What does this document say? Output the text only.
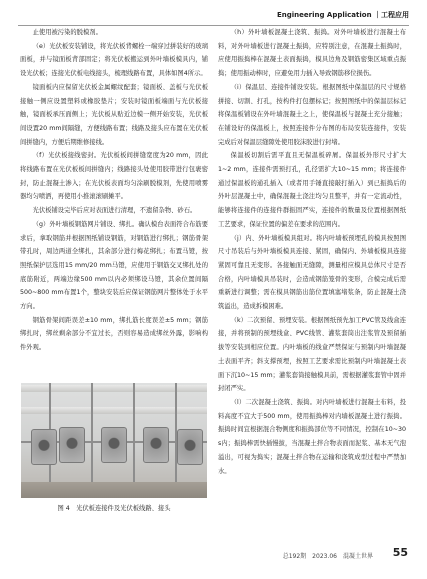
Engineering Application ｜工程应用

止使用被污染的脱模剂。

（e）光伏板安装铺设，将光伏板背螺栓一端穿过拼装好的玻璃面板，并与镜面板背部固定；将光伏板搬运到外叶墙板模具内，铺设光伏板；连接光伏板电线接头，梳理线路布置，具体如图4所示。

镜面板内应保留光伏板金属螺纹配套；镜面板、盖板与光伏板接触一侧应设置塑料或橡胶垫片；安装时镜面板端面与光伏板接触，镜面板承压面侧上；光伏板从贴近边模一侧开始安装，光伏板间设置20 mm间隔缝，方便线路布置；线路及接头应布置在光伏板间拼缝内，方便后期维修接线。

（f）光伏板接线密封。光伏板板间拼缝宽度为20 mm，因此将线路布置在光伏板板间拼缝内；线路接头处使用胶带进行包裹密封，防止混凝土渗入；在光伏板表面均匀涂刷脱模剂，先使用喷雾器均匀喷洒，再使用小推滚滚刷摊平。

光伏板铺设完毕后应对表面进行清理，不遗留杂物、砂石。

（g）外叶墙板钢筋网片铺设、绑扎。确认模台表面符合布筋要求后，拿取钢筋并根据图纸铺设钢筋，对钢筋进行绑扎；钢筋骨架带孔时，周边两道全绑扎，其余部分进行梅花绑扎；布置马镫，按照纸保护层选用15 mm/20 mm马镫，应使用于钢筋交叉绑扎处的底筋附近，两端边缘500 mm以内必须绑设马镫，其余位置间隔500~800 mm布置1个，整块安装后应保证钢筋网片整体处于水平方向。

钢筋骨架间距误差±10 mm，绑扎筋长度误差±5 mm；钢筋绑扎时，绑丝剩余部分不宜过长，否则容易造成绑丝外露，影响构件外观。

图 4　光伏板连接件及光伏板线路、接头

（h）外叶墙板混凝土浇筑、振捣。对外叶墙板进行混凝土布料，对外叶墙板进行混凝土振捣，应特别注意，在混凝土振捣时，应使用振捣棒在混凝土表面振捣，模具边角及钢筋密集区域重点振捣；使用振动棒时，应避免用力插入导致钢筋移位损伤。

（i）保温层、连接件铺设安装。根据图纸中保温层的尺寸规格拼接、切割、打孔，按构件打包摆标记；按照图纸中的保温层标记将保温板铺设在外叶墙混凝土之上，使保温板与混凝土充分接触；在铺设好的保温板上，按照连接件分布图的布局安装连接件，安装完成后对保温层缝隙处使用胶沫胶进行封堵。

保温板切割后需平直且无保温板碎屑。保温板外形尺寸扩大1~2 mm，连接件需预打孔，孔径需扩大10~15 mm；将连接件通过保温板的通孔插入（或者用手锤直接敲打插入）到已振捣后的外叶层混凝土中，确保混凝土浇注均匀且整平，并有一定流动性，能够将连接件的连接件群振固严实，连接件的数量及位置根据图纸工艺要求，保证位置的偏差在要求的范围内。

（j）内、外叶墙板模具组对。将内叶墙板预埋孔的模具按照图尺寸吊装后与外叶墙板模具连接、紧固，确保内、外墙板模具连接紧固可靠且无变形。各接触面无缝隙，测量相应模具总体尺寸是否合格，内叶墙模具吊装时，会造成钢筋笼骨的变形，合模完成后需重新进行调整；需在模具钢筋出筋位置填塞堵浆条，防止混凝土浇筑溢出，造成拆模困难。

（k）二次预留、预埋安装。根据图纸预先加工PVC管及线盒连接，并将预制的预埋线盒、PVC线管、灌浆套筒出注浆管及预留插拔等安装到相应位置。内叶墙板的线盒严禁保证与预制内叶墙混凝土表面平齐；斜支撑预埋，按照工艺要求需比预制内叶墙混凝土表面下沉10~15 mm；灌浆套筒接触模具前，需根据灌浆套管中固并封闭严实。

（l）二次混凝土浇筑、振捣。对内叶墙板进行混凝土布料，投料高度不宜大于500 mm，使用振捣棒对内墙板混凝土进行振捣。振捣时间宜根据混合物侧度和振捣部位等不同情况，控制在10~30 s内；振捣棒需快插慢拔，当混凝土拌合物表面而泥浆、基本无气泡溢出，可视为捣实；混凝土拌合物在运输和浇筑成型过程中严禁加水。

总192期　2023.06　混凝土世界 55
